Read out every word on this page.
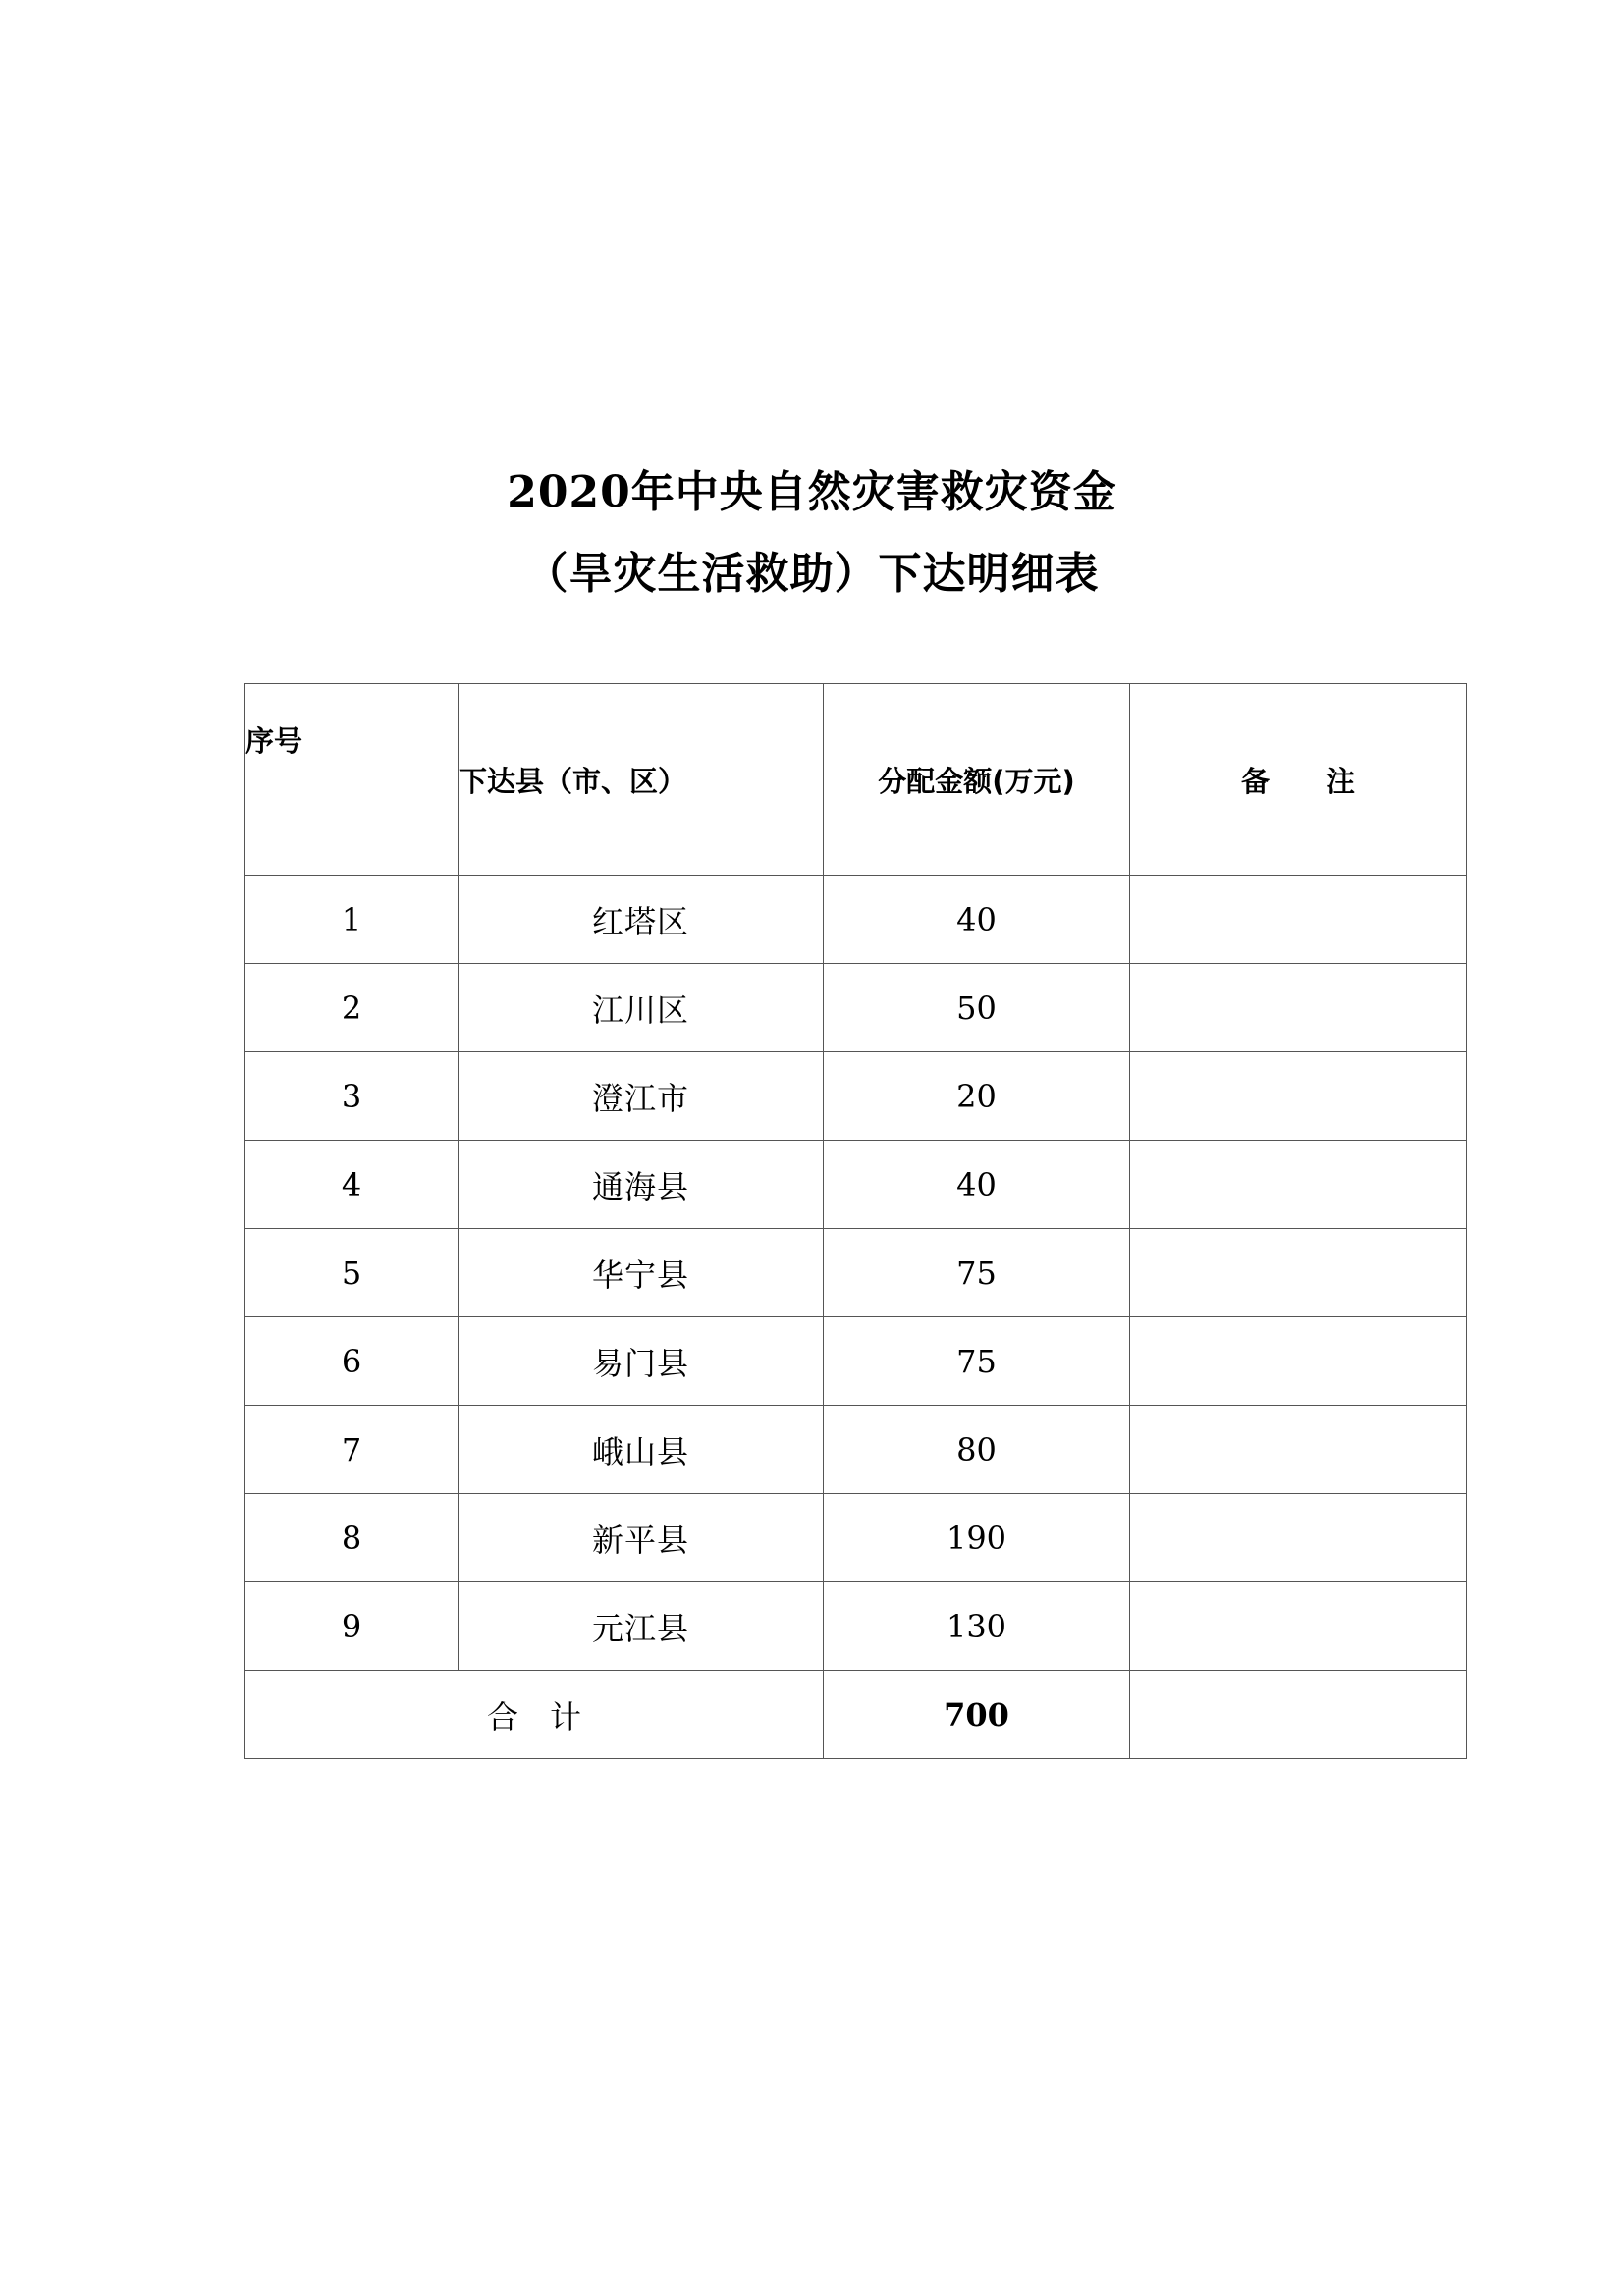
2020年中央自然灾害救灾资金
（旱灾生活救助）下达明细表
序号	下达县（市、区）	分配金额(万元)	备　　注
1	红塔区	40	
2	江川区	50	
3	澄江市	20	
4	通海县	40	
5	华宁县	75	
6	易门县	75	
7	峨山县	80	
8	新平县	190	
9	元江县	130	
合　计		700	
